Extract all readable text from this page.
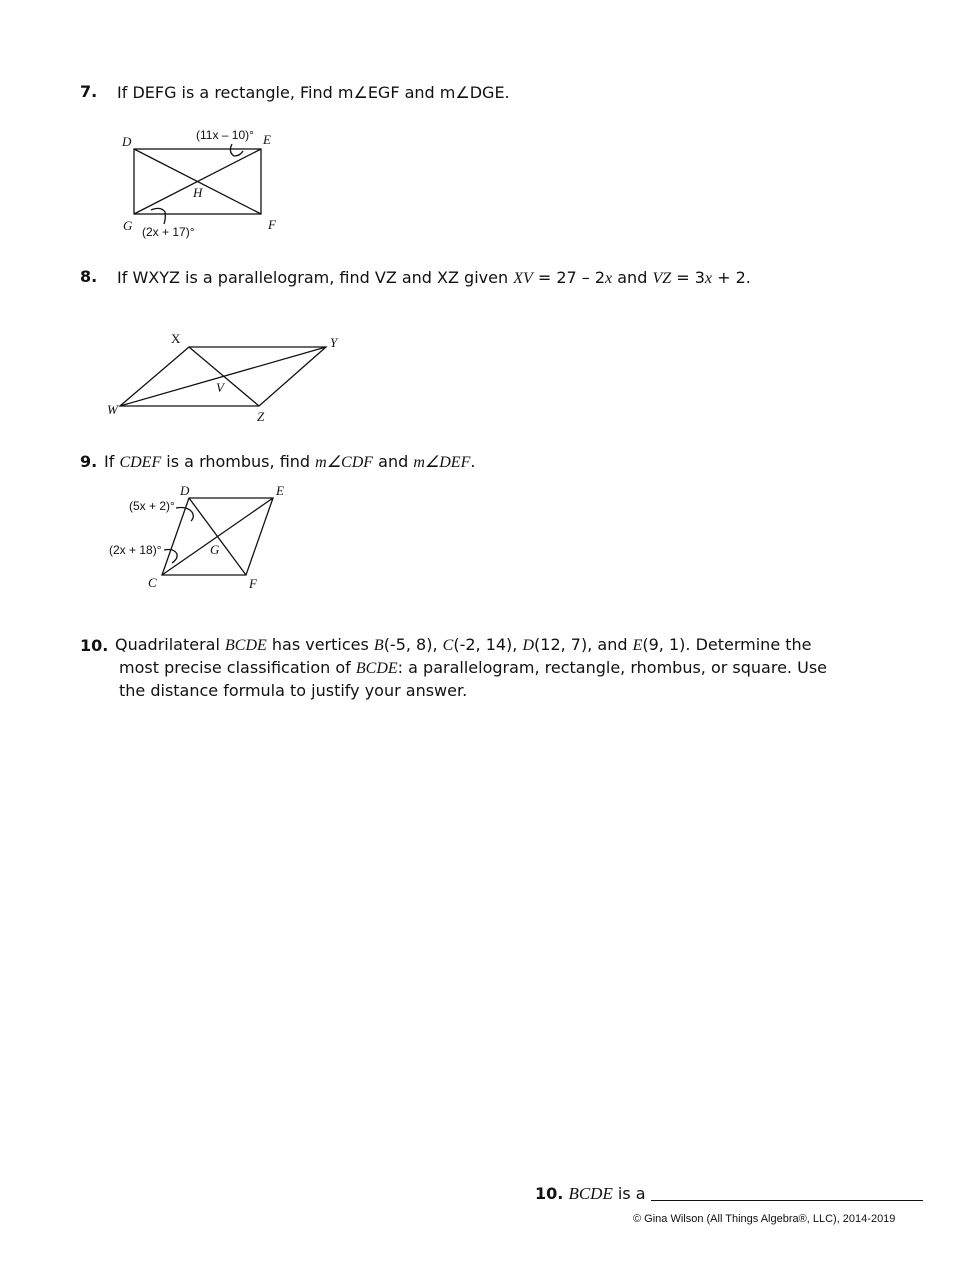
7. If DEFG is a rectangle, Find m∠EGF and m∠DGE.
D	E
F
G
H
(11x – 10)°
(2x + 17)°
8. If WXYZ is a parallelogram, find VZ and XZ given XV = 27 – 2x and VZ = 3x + 2.
X	Y
W	Z
V
9. If CDEF is a rhombus, find m∠CDF and m∠DEF.
D	E
C	F
G
(5x + 2)°
(2x + 18)°
10. Quadrilateral BCDE has vertices B(-5, 8), C(-2, 14), D(12, 7), and E(9, 1). Determine the
most precise classification of BCDE: a parallelogram, rectangle, rhombus, or square. Use
the distance formula to justify your answer.
10. BCDE is a
© Gina Wilson (All Things Algebra®, LLC), 2014-2019
